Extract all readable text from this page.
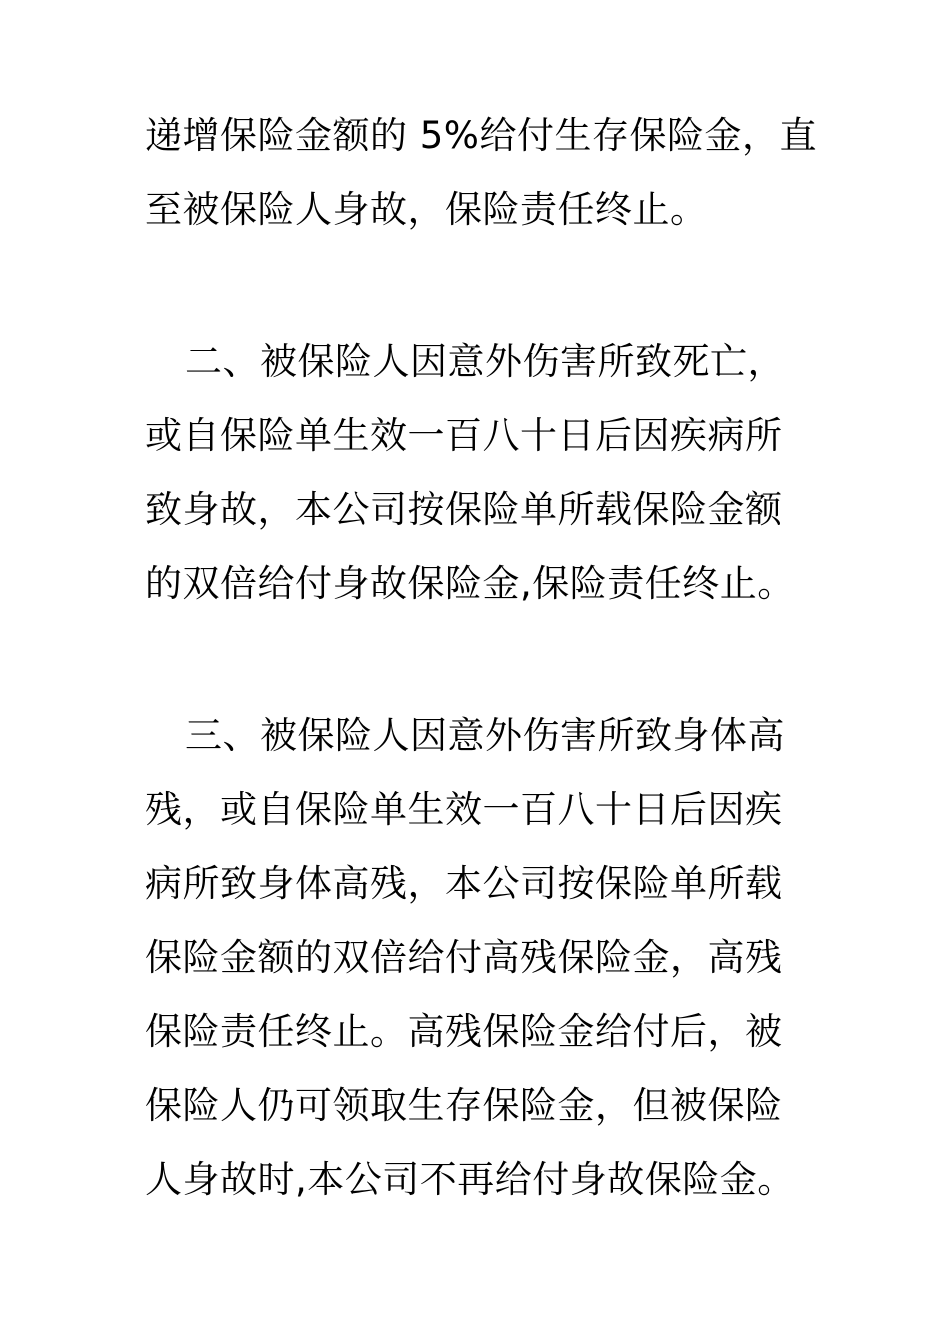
递增保险金额的 5%给付生存保险金，直
至被保险人身故，保险责任终止。
二、被保险人因意外伤害所致死亡，
或自保险单生效一百八十日后因疾病所
致身故，本公司按保险单所载保险金额
的双倍给付身故保险金,保险责任终止。
三、被保险人因意外伤害所致身体高
残，或自保险单生效一百八十日后因疾
病所致身体高残，本公司按保险单所载
保险金额的双倍给付高残保险金，高残
保险责任终止。高残保险金给付后，被
保险人仍可领取生存保险金，但被保险
人身故时,本公司不再给付身故保险金。
